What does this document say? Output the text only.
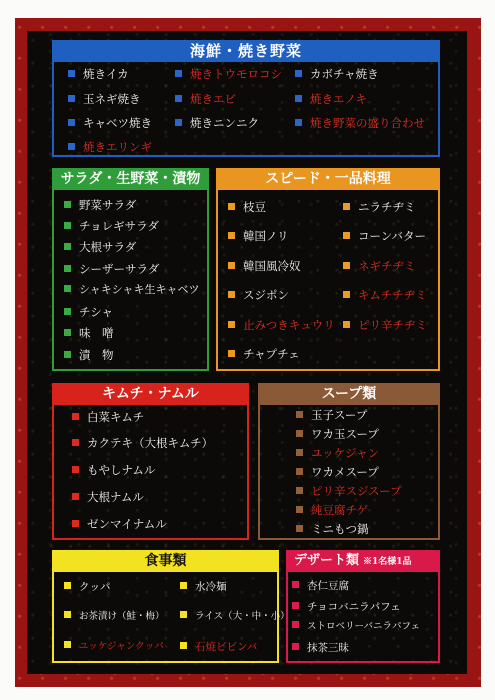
海鮮・焼き野菜
焼きイカ	焼きトウモロコシ	カボチャ焼き
玉ネギ焼き	焼きエビ	焼きエノキ
キャベツ焼き	焼きニンニク	焼き野菜の盛り合わせ
焼きエリンギ
サラダ・生野菜・漬物
野菜サラダ
チョレギサラダ
大根サラダ
シーザーサラダ
シャキシャキ生キャベツ
チシャ
味　噌
漬　物
スピード・一品料理
枝豆	ニラチヂミ
韓国ノリ	コーンバター
韓国風冷奴	ネギチヂミ
スジポン	キムチチヂミ
止みつきキュウリ	ピリ辛チヂミ
チャプチェ
キムチ・ナムル
白菜キムチ
カクテキ（大根キムチ）
もやしナムル
大根ナムル
ゼンマイナムル
スープ類
玉子スープ
ワカ玉スープ
ユッケジャン
ワカメスープ
ピリ辛スジスープ
純豆腐チゲ
ミニもつ鍋
食事類
クッパ	水冷麺
お茶漬け（鮭・梅）	ライス（大・中・小）
ユッケジャンクッパ	石焼ビビンバ
デザート類 ※1名様1品
杏仁豆腐
チョコバニラパフェ
ストロベリーバニラパフェ
抹茶三昧
